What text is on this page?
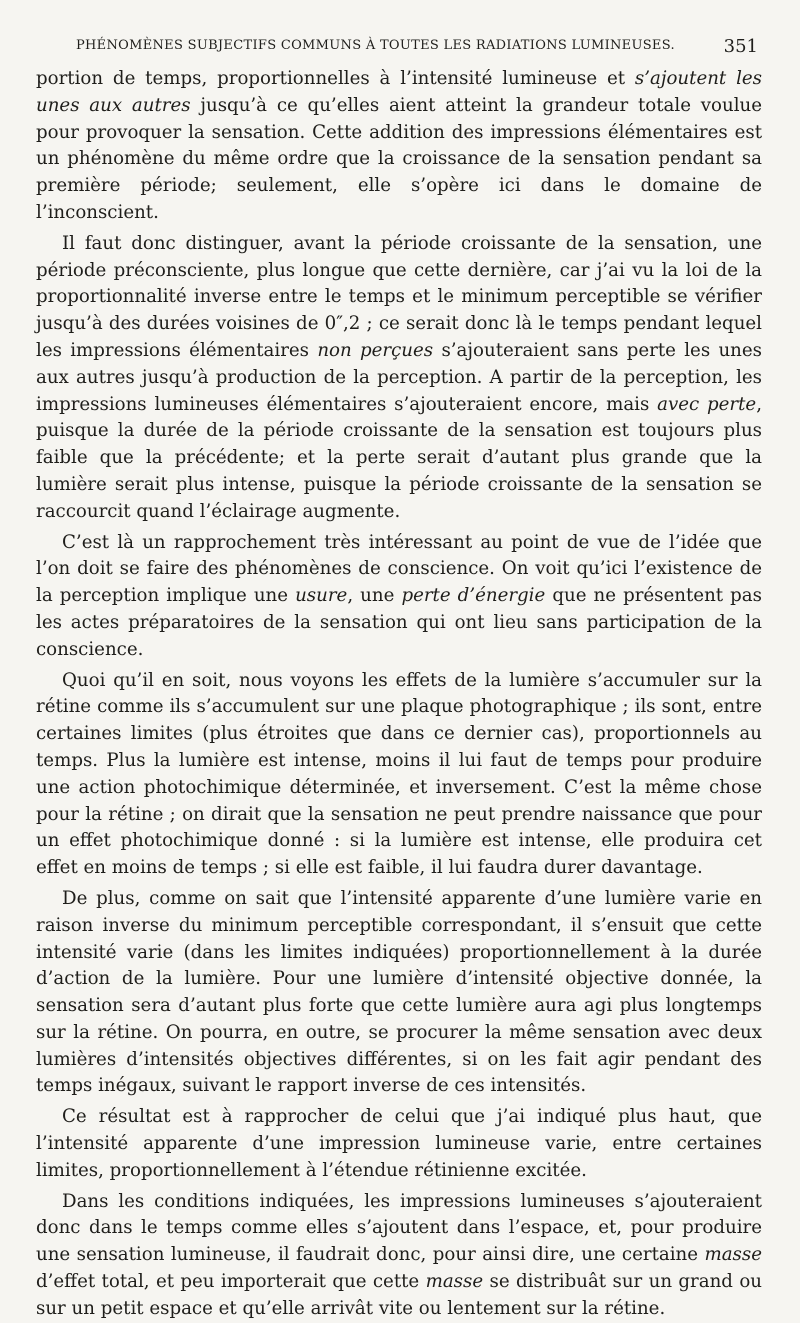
PHÉNOMÈNES SUBJECTIFS COMMUNS À TOUTES LES RADIATIONS LUMINEUSES.	351

portion de temps, proportionnelles à l’intensité lumineuse et s’ajoutent les unes aux autres jusqu’à ce qu’elles aient atteint la grandeur totale voulue pour provoquer la sensation. Cette addition des impressions élémentaires est un phénomène du même ordre que la croissance de la sensation pendant sa première période; seulement, elle s’opère ici dans le domaine de l’inconscient.

Il faut donc distinguer, avant la période croissante de la sensation, une période préconsciente, plus longue que cette dernière, car j’ai vu la loi de la proportionnalité inverse entre le temps et le minimum perceptible se vérifier jusqu’à des durées voisines de 0″,2 ; ce serait donc là le temps pendant lequel les impressions élémentaires non perçues s’ajouteraient sans perte les unes aux autres jusqu’à production de la perception. A partir de la perception, les impressions lumineuses élémentaires s’ajouteraient encore, mais avec perte, puisque la durée de la période croissante de la sensation est toujours plus faible que la précédente; et la perte serait d’autant plus grande que la lumière serait plus intense, puisque la période croissante de la sensation se raccourcit quand l’éclairage augmente.

C’est là un rapprochement très intéressant au point de vue de l’idée que l’on doit se faire des phénomènes de conscience. On voit qu’ici l’existence de la perception implique une usure, une perte d’énergie que ne présentent pas les actes préparatoires de la sensation qui ont lieu sans participation de la conscience.

Quoi qu’il en soit, nous voyons les effets de la lumière s’accumuler sur la rétine comme ils s’accumulent sur une plaque photographique ; ils sont, entre certaines limites (plus étroites que dans ce dernier cas), proportionnels au temps. Plus la lumière est intense, moins il lui faut de temps pour produire une action photochimique déterminée, et inversement. C’est la même chose pour la rétine ; on dirait que la sensation ne peut prendre naissance que pour un effet photochimique donné : si la lumière est intense, elle produira cet effet en moins de temps ; si elle est faible, il lui faudra durer davantage.

De plus, comme on sait que l’intensité apparente d’une lumière varie en raison inverse du minimum perceptible correspondant, il s’ensuit que cette intensité varie (dans les limites indiquées) proportionnellement à la durée d’action de la lumière. Pour une lumière d’intensité objective donnée, la sensation sera d’autant plus forte que cette lumière aura agi plus longtemps sur la rétine. On pourra, en outre, se procurer la même sensation avec deux lumières d’intensités objectives différentes, si on les fait agir pendant des temps inégaux, suivant le rapport inverse de ces intensités.

Ce résultat est à rapprocher de celui que j’ai indiqué plus haut, que l’intensité apparente d’une impression lumineuse varie, entre certaines limites, proportionnellement à l’étendue rétinienne excitée.

Dans les conditions indiquées, les impressions lumineuses s’ajouteraient donc dans le temps comme elles s’ajoutent dans l’espace, et, pour produire une sensation lumineuse, il faudrait donc, pour ainsi dire, une certaine masse d’effet total, et peu importerait que cette masse se distribuât sur un grand ou sur un petit espace et qu’elle arrivât vite ou lentement sur la rétine.
